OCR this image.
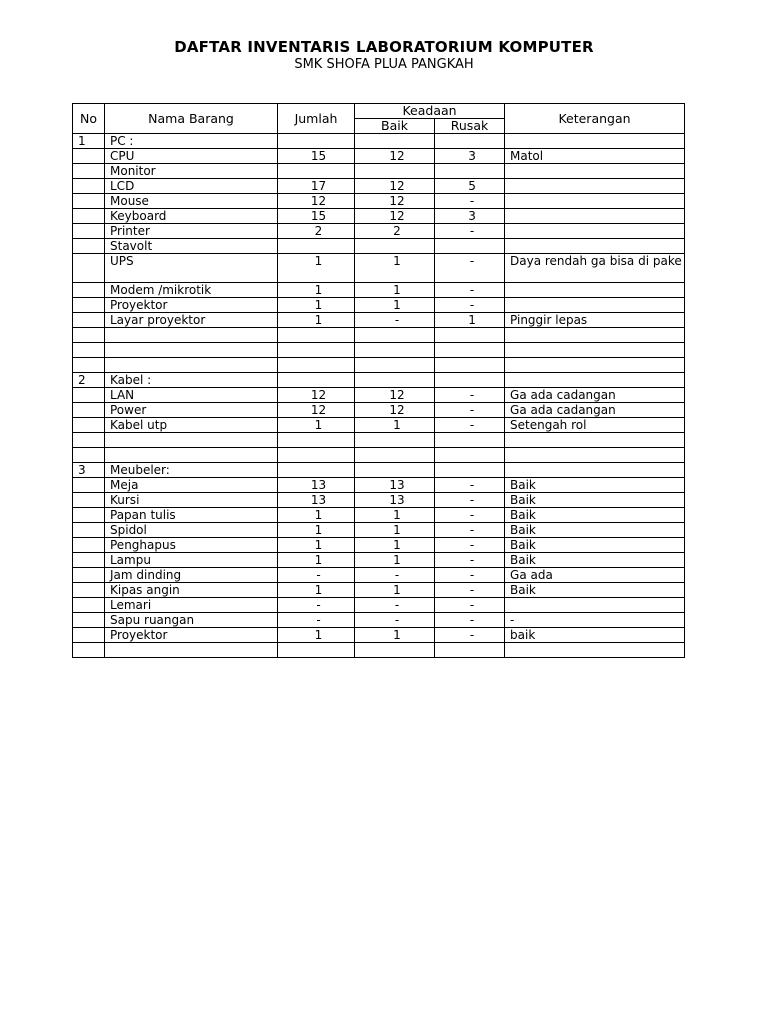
DAFTAR INVENTARIS LABORATORIUM KOMPUTER
SMK SHOFA PLUA PANGKAH
No	Nama Barang	Jumlah	Keadaan		Keterangan
			Baik	Rusak	
1	PC :				
	CPU	15	12	3	Matol
	Monitor				
	LCD	17	12	5	
	Mouse	12	12	-	
	Keyboard	15	12	3	
	Printer	2	2	-	
	Stavolt				
	UPS	1	1	-	Daya rendah ga bisa di pake
	Modem /mikrotik	1	1	-	
	Proyektor	1	1	-	
	Layar proyektor	1	-	1	Pinggir lepas

2	Kabel :				
	LAN	12	12	-	Ga ada cadangan
	Power	12	12	-	Ga ada cadangan
	Kabel utp	1	1	-	Setengah rol

3	Meubeler:				
	Meja	13	13	-	Baik
	Kursi	13	13	-	Baik
	Papan tulis	1	1	-	Baik
	Spidol	1	1	-	Baik
	Penghapus	1	1	-	Baik
	Lampu	1	1	-	Baik
	Jam dinding	-	-	-	Ga ada
	Kipas angin	1	1	-	Baik
	Lemari	-	-	-	
	Sapu ruangan	-	-	-	-
	Proyektor	1	1	-	baik
